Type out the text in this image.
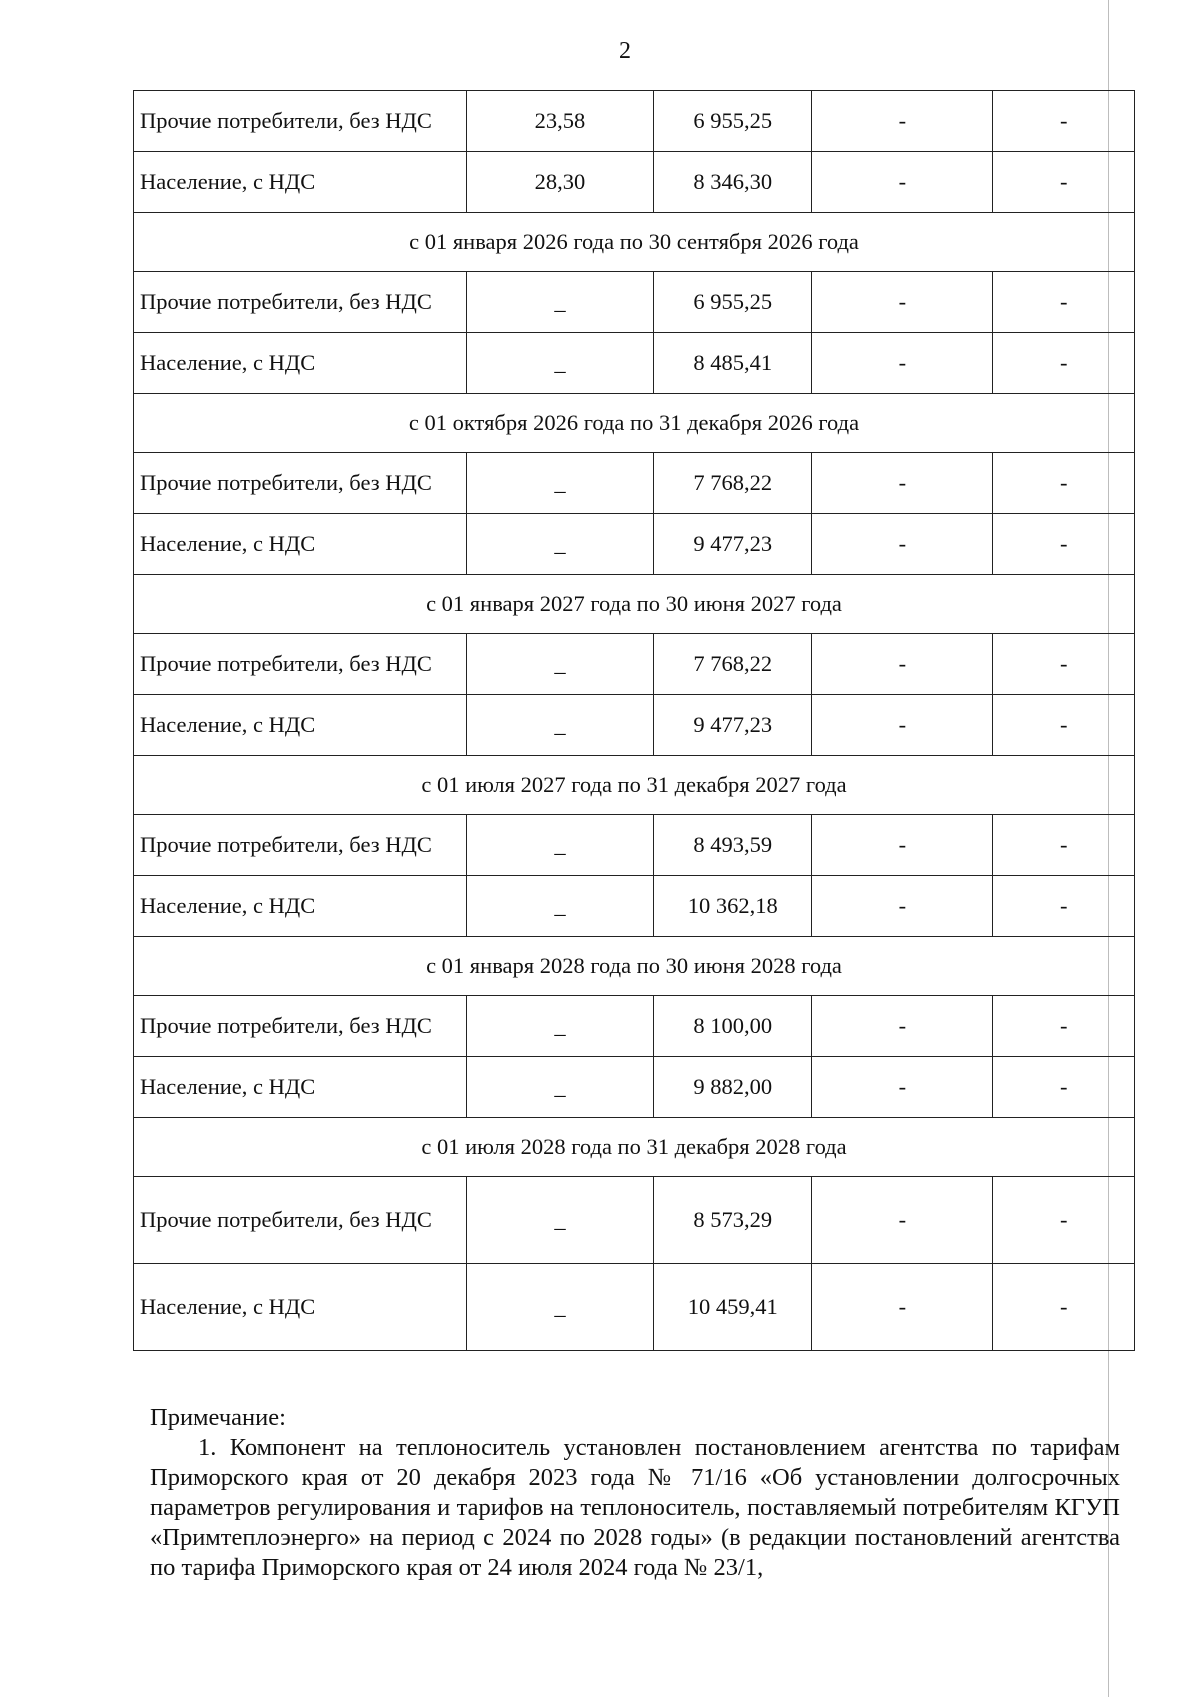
2
Прочие потребители, без НДС	23,58	6 955,25	-	-
Население, с НДС	28,30	8 346,30	-	-
с 01 января 2026 года по 30 сентября 2026 года				
Прочие потребители, без НДС	_	6 955,25	-	-
Население, с НДС	_	8 485,41	-	-
с 01 октября 2026 года по 31 декабря 2026 года				
Прочие потребители, без НДС	_	7 768,22	-	-
Население, с НДС	_	9 477,23	-	-
с 01 января 2027 года по 30 июня 2027 года				
Прочие потребители, без НДС	_	7 768,22	-	-
Население, с НДС	_	9 477,23	-	-
с 01 июля 2027 года по 31 декабря 2027 года				
Прочие потребители, без НДС	_	8 493,59	-	-
Население, с НДС	_	10 362,18	-	-
с 01 января 2028 года по 30 июня 2028 года				
Прочие потребители, без НДС	_	8 100,00	-	-
Население, с НДС	_	9 882,00	-	-
с 01 июля 2028 года по 31 декабря 2028 года				
Прочие потребители, без НДС	_	8 573,29	-	-
Население, с НДС	_	10 459,41	-	-

Примечание:

1. Компонент на теплоноситель установлен постановлением агентства по тарифам Приморского края от 20 декабря 2023 года № 71/16 «Об установлении долгосрочных параметров регулирования и тарифов на теплоноситель, поставляемый потребителям КГУП «Примтеплоэнерго» на период с 2024 по 2028 годы» (в редакции постановлений агентства по тарифа Приморского края от 24 июля 2024 года № 23/1,
